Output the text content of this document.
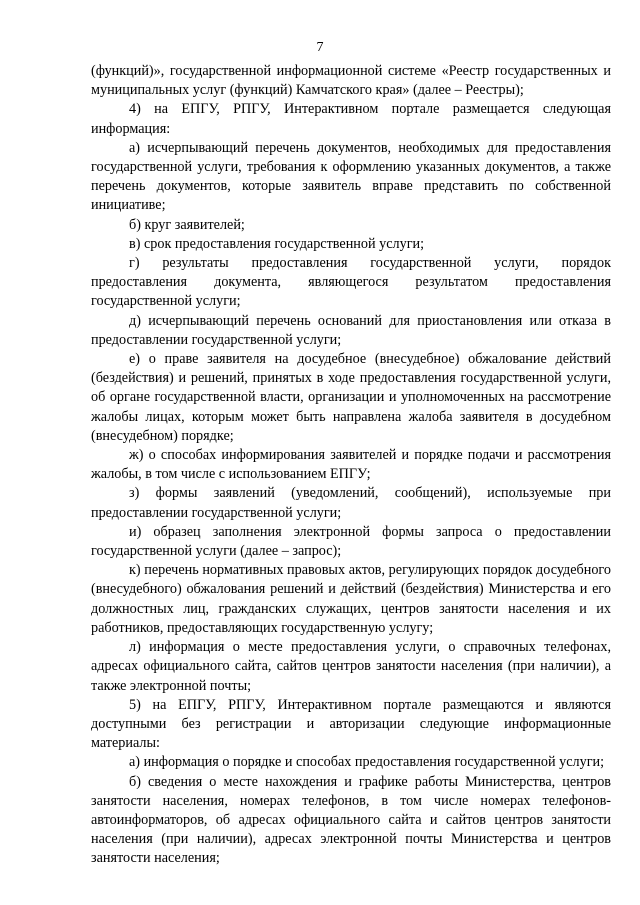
7

(функций)», государственной информационной системе «Реестр государственных и муниципальных услуг (функций) Камчатского края» (далее – Реестры);

4) на ЕПГУ, РПГУ, Интерактивном портале размещается следующая информация:

а) исчерпывающий перечень документов, необходимых для предоставления государственной услуги, требования к оформлению указанных документов, а также перечень документов, которые заявитель вправе представить по собственной инициативе;

б) круг заявителей;

в) срок предоставления государственной услуги;

г) результаты предоставления государственной услуги, порядок предоставления документа, являющегося результатом предоставления государственной услуги;

д) исчерпывающий перечень оснований для приостановления или отказа в предоставлении государственной услуги;

е) о праве заявителя на досудебное (внесудебное) обжалование действий (бездействия) и решений, принятых в ходе предоставления государственной услуги, об органе государственной власти, организации и уполномоченных на рассмотрение жалобы лицах, которым может быть направлена жалоба заявителя в досудебном (внесудебном) порядке;

ж) о способах информирования заявителей и порядке подачи и рассмотрения жалобы, в том числе с использованием ЕПГУ;

з) формы заявлений (уведомлений, сообщений), используемые при предоставлении государственной услуги;

и) образец заполнения электронной формы запроса о предоставлении государственной услуги (далее – запрос);

к) перечень нормативных правовых актов, регулирующих порядок досудебного (внесудебного) обжалования решений и действий (бездействия) Министерства и его должностных лиц, гражданских служащих, центров занятости населения и их работников, предоставляющих государственную услугу;

л) информация о месте предоставления услуги, о справочных телефонах, адресах официального сайта, сайтов центров занятости населения (при наличии), а также электронной почты;

5) на ЕПГУ, РПГУ, Интерактивном портале размещаются и являются доступными без регистрации и авторизации следующие информационные материалы:

а) информация о порядке и способах предоставления государственной услуги;

б) сведения о месте нахождения и графике работы Министерства, центров занятости населения, номерах телефонов, в том числе номерах телефонов-автоинформаторов, об адресах официального сайта и сайтов центров занятости населения (при наличии), адресах электронной почты Министерства и центров занятости населения;
